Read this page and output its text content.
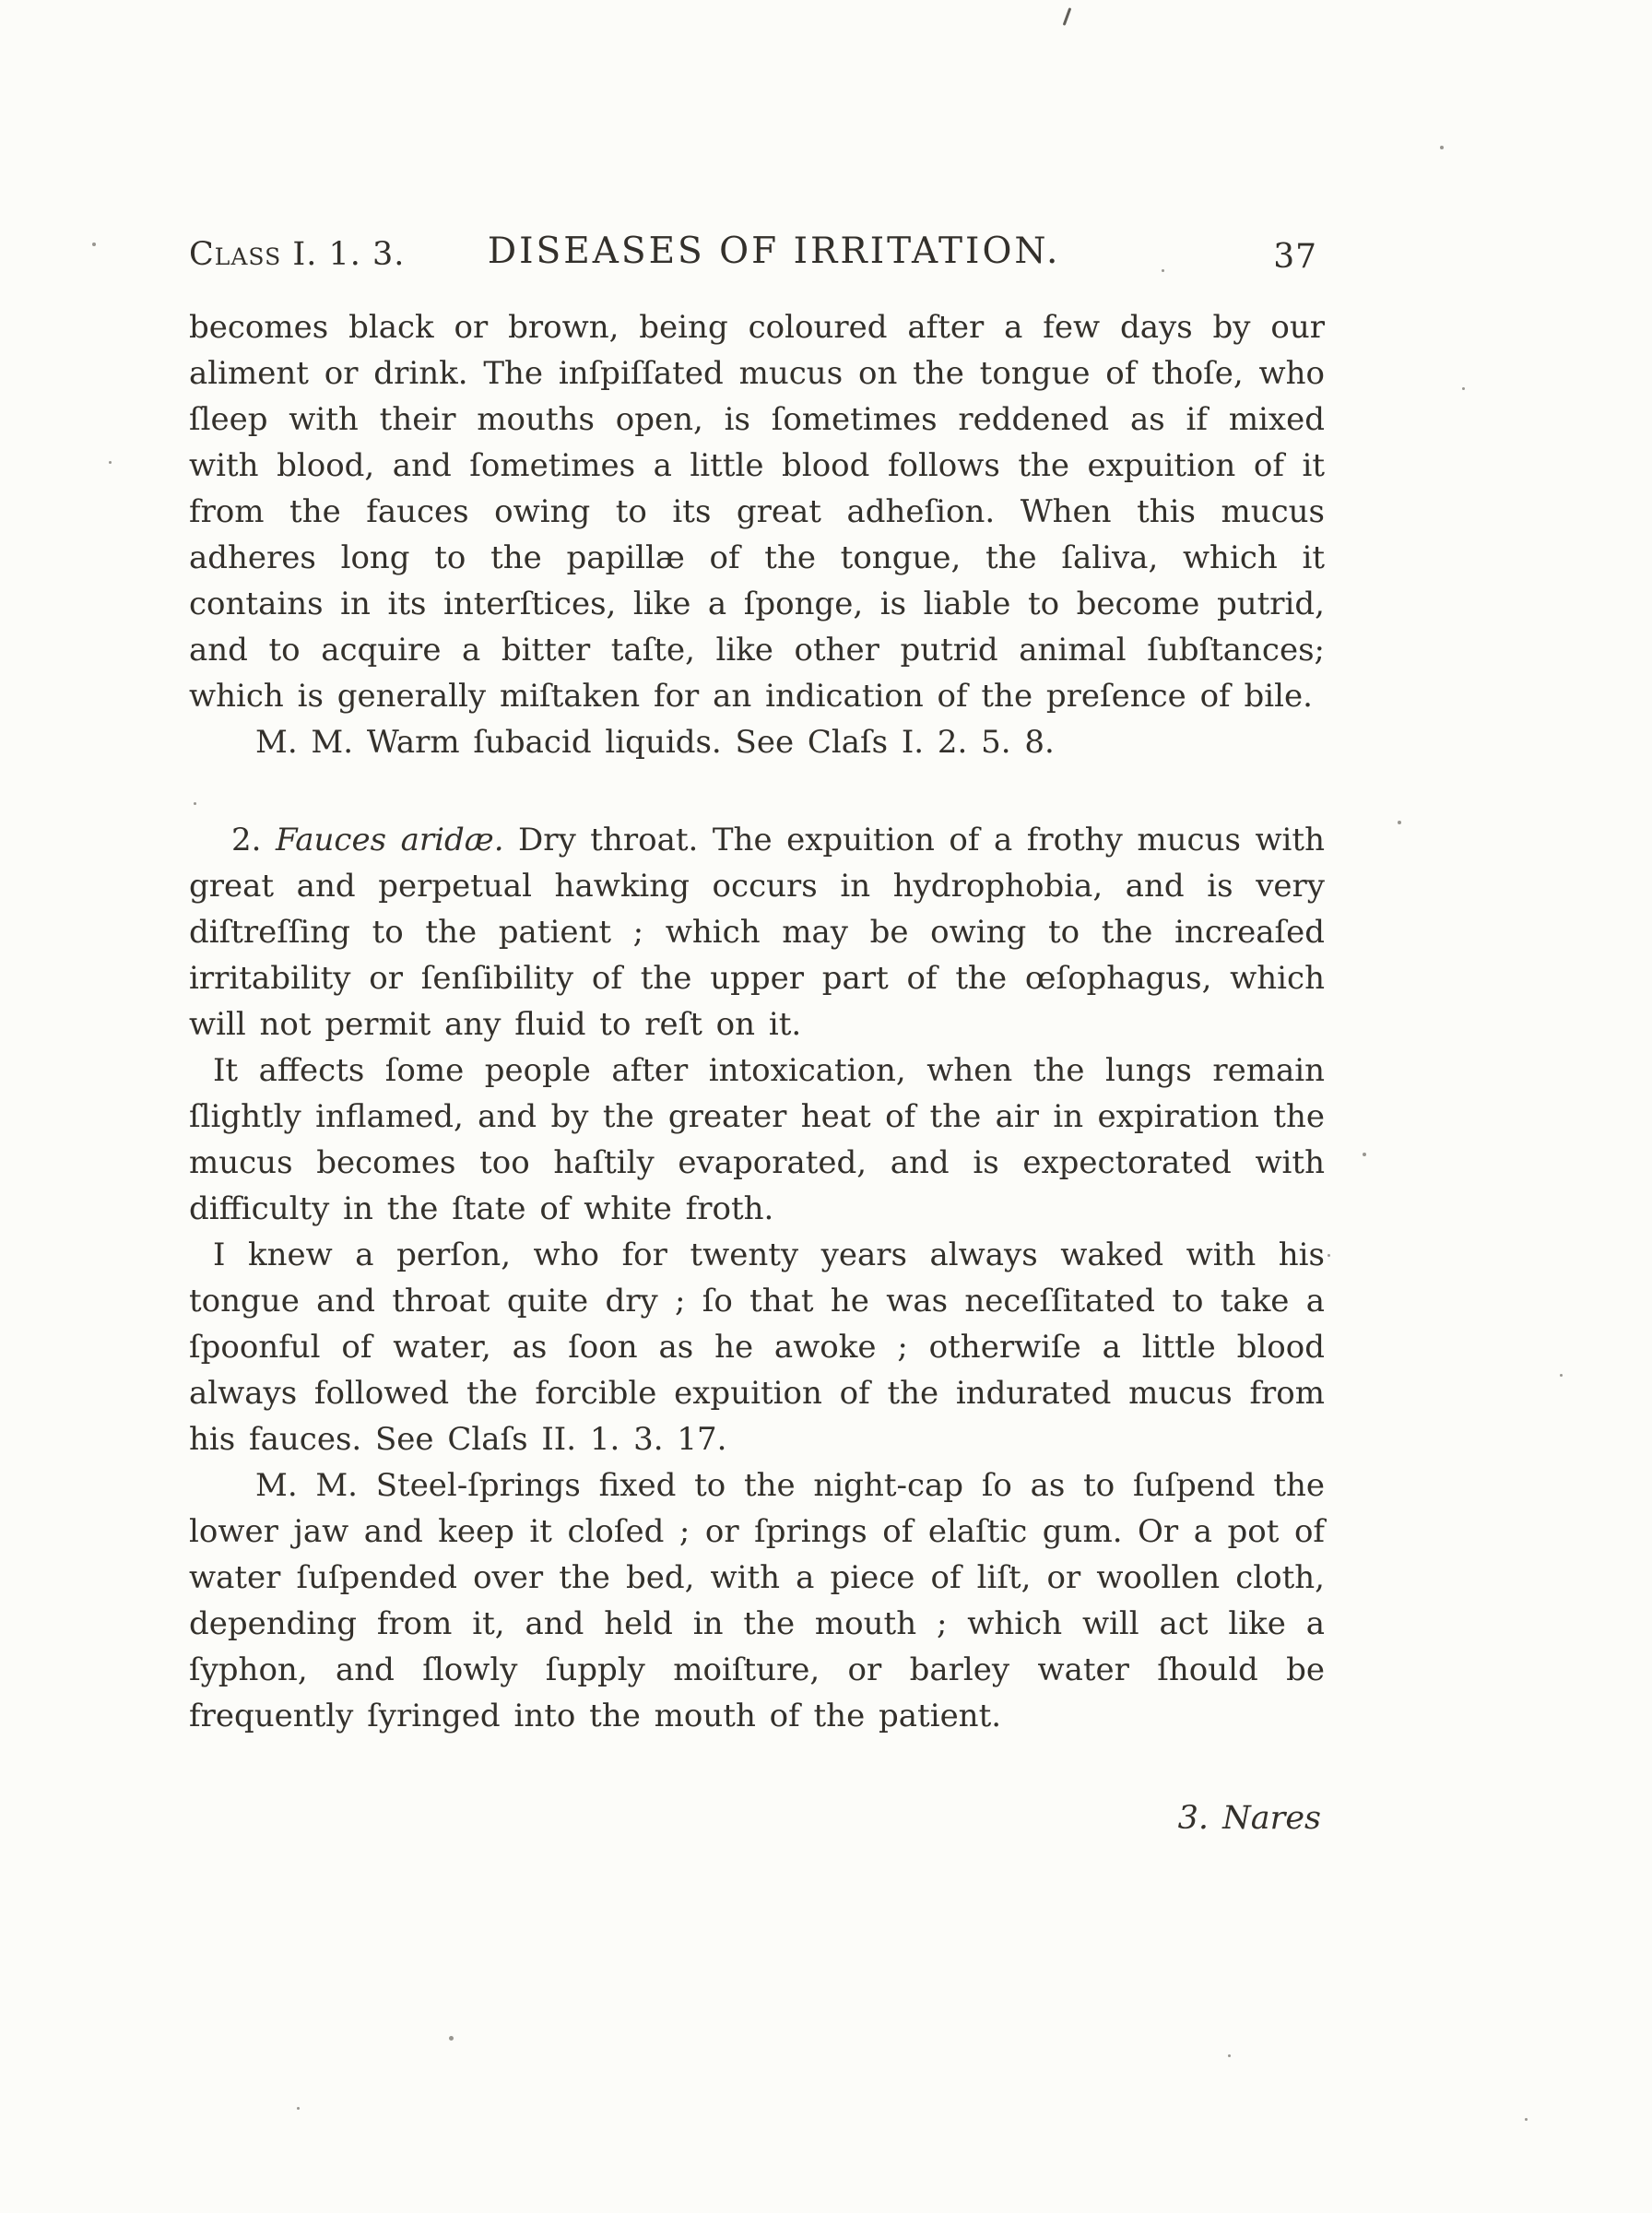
Class I. 1. 3. DISEASES OF IRRITATION.	37

becomes black or brown, being coloured after a few days by our aliment or drink. The inſpiſſated mucus on the tongue of thoſe, who ſleep with their mouths open, is ſometimes reddened as if mixed with blood, and ſometimes a little blood follows the expuition of it from the fauces owing to its great adheſion. When this mucus adheres long to the papillæ of the tongue, the ſaliva, which it contains in its interſtices, like a ſponge, is liable to become putrid, and to acquire a bitter taſte, like other putrid animal ſubſtances; which is generally miſtaken for an indication of the preſence of bile.

M. M. Warm ſubacid liquids. See Claſs I. 2. 5. 8.

2. Fauces aridæ. Dry throat. The expuition of a frothy mucus with great and perpetual hawking occurs in hydrophobia, and is very diſtreſſing to the patient ; which may be owing to the increaſed irritability or ſenſibility of the upper part of the œſophagus, which will not permit any fluid to reſt on it.

It affects ſome people after intoxication, when the lungs remain ſlightly inflamed, and by the greater heat of the air in expiration the mucus becomes too haſtily evaporated, and is expectorated with difficulty in the ſtate of white froth.

I knew a perſon, who for twenty years always waked with his tongue and throat quite dry ; ſo that he was neceſſitated to take a ſpoonful of water, as ſoon as he awoke ; otherwiſe a little blood always followed the forcible expuition of the indurated mucus from his fauces. See Claſs II. 1. 3. 17.

M. M. Steel-ſprings fixed to the night-cap ſo as to ſuſpend the lower jaw and keep it cloſed ; or ſprings of elaſtic gum. Or a pot of water ſuſpended over the bed, with a piece of liſt, or woollen cloth, depending from it, and held in the mouth ; which will act like a ſyphon, and ſlowly ſupply moiſture, or barley water ſhould be frequently ſyringed into the mouth of the patient.

3. Nares
